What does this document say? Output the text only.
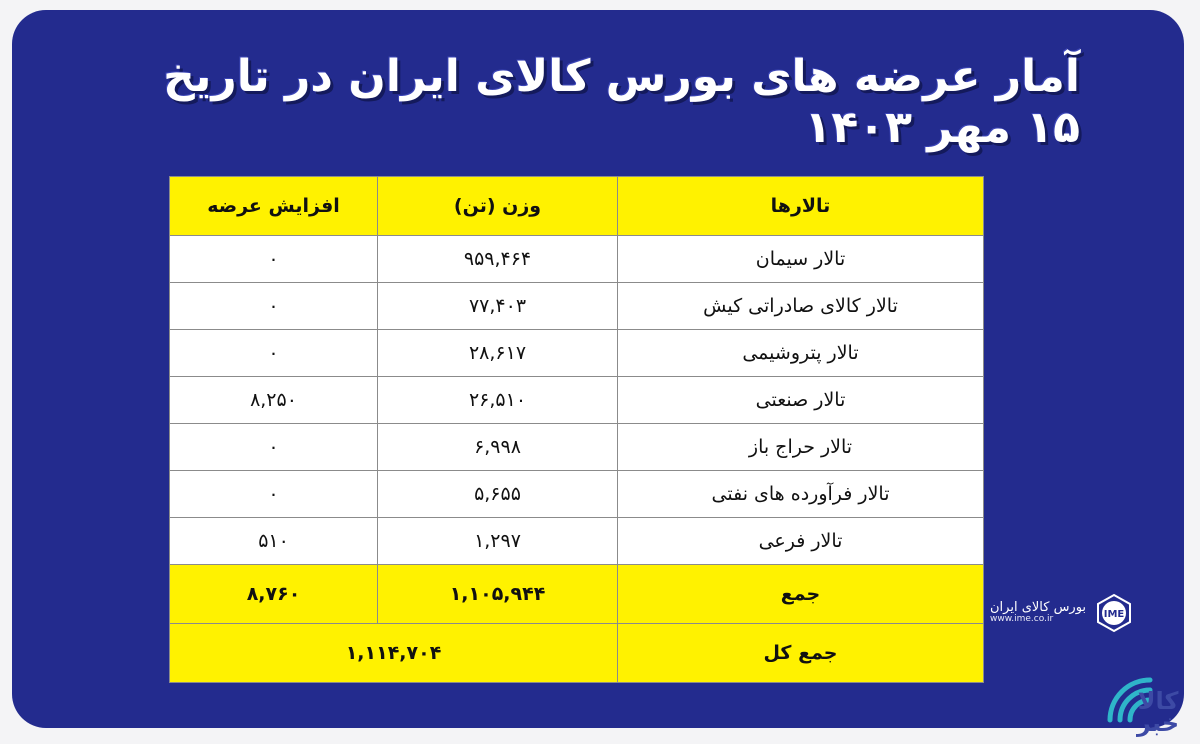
آمار عرضه های بورس کالای ایران در تاریخ ۱۵ مهر ۱۴۰۳
تالارها	وزن (تن)	افزایش عرضه
تالار سیمان	۹۵۹,۴۶۴	۰
تالار کالای صادراتی کیش	۷۷,۴۰۳	۰
تالار پتروشیمی	۲۸,۶۱۷	۰
تالار صنعتی	۲۶,۵۱۰	۸,۲۵۰
تالار حراج باز	۶,۹۹۸	۰
تالار فرآورده های نفتی	۵,۶۵۵	۰
تالار فرعی	۱,۲۹۷	۵۱۰
جمع	۱,۱۰۵,۹۴۴	۸,۷۶۰
جمع کل	۱,۱۱۴,۷۰۴	
بورس کالای ایران
www.ime.co.ir	IME
کالا خبر
